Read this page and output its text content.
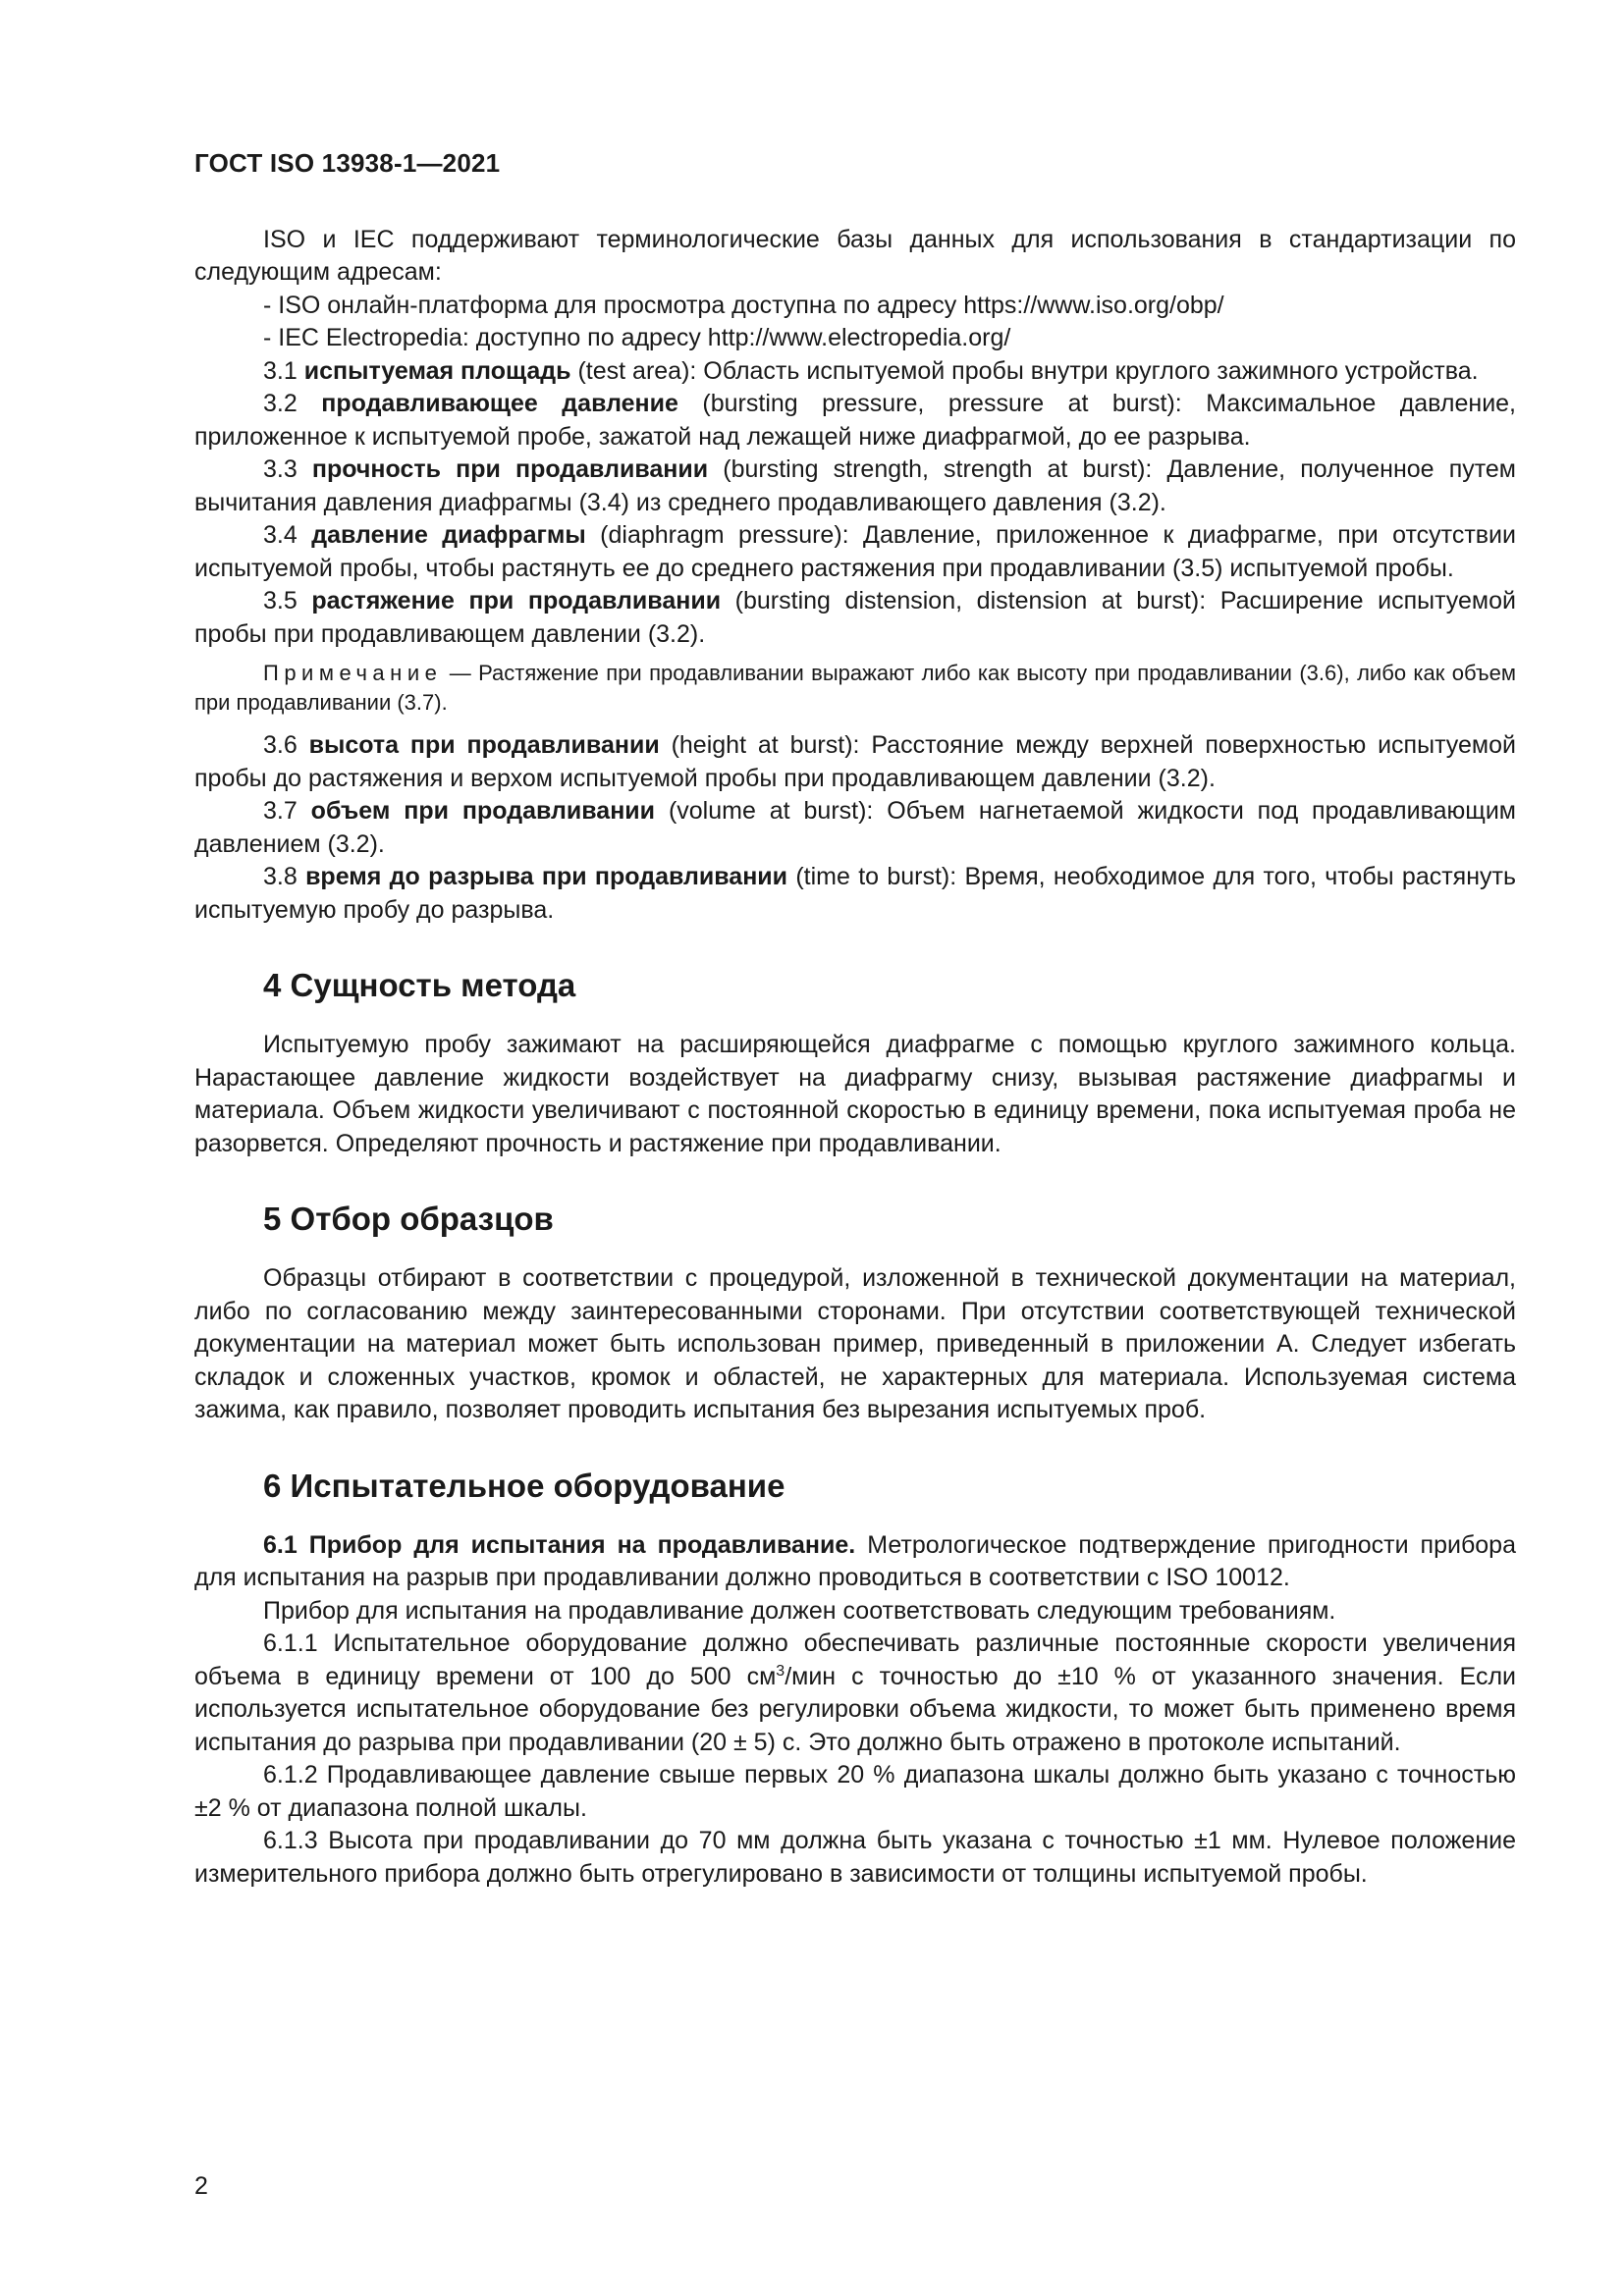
ГОСТ ISO 13938-1—2021

ISO и IEC поддерживают терминологические базы данных для использования в стандартизации по следующим адресам:

- ISO онлайн-платформа для просмотра доступна по адресу https://www.iso.org/obp/

- IEC Electropedia: доступно по адресу http://www.electropedia.org/

3.1 испытуемая площадь (test area): Область испытуемой пробы внутри круглого зажимного устройства.

3.2 продавливающее давление (bursting pressure, pressure at burst): Максимальное давление, приложенное к испытуемой пробе, зажатой над лежащей ниже диафрагмой, до ее разрыва.

3.3 прочность при продавливании (bursting strength, strength at burst): Давление, полученное путем вычитания давления диафрагмы (3.4) из среднего продавливающего давления (3.2).

3.4 давление диафрагмы (diaphragm pressure): Давление, приложенное к диафрагме, при отсутствии испытуемой пробы, чтобы растянуть ее до среднего растяжения при продавливании (3.5) испытуемой пробы.

3.5 растяжение при продавливании (bursting distension, distension at burst): Расширение испытуемой пробы при продавливающем давлении (3.2).

Примечание — Растяжение при продавливании выражают либо как высоту при продавливании (3.6), либо как объем при продавливании (3.7).

3.6 высота при продавливании (height at burst): Расстояние между верхней поверхностью испытуемой пробы до растяжения и верхом испытуемой пробы при продавливающем давлении (3.2).

3.7 объем при продавливании (volume at burst): Объем нагнетаемой жидкости под продавливающим давлением (3.2).

3.8 время до разрыва при продавливании (time to burst): Время, необходимое для того, чтобы растянуть испытуемую пробу до разрыва.

4 Сущность метода

Испытуемую пробу зажимают на расширяющейся диафрагме с помощью круглого зажимного кольца. Нарастающее давление жидкости воздействует на диафрагму снизу, вызывая растяжение диафрагмы и материала. Объем жидкости увеличивают с постоянной скоростью в единицу времени, пока испытуемая проба не разорвется. Определяют прочность и растяжение при продавливании.

5 Отбор образцов

Образцы отбирают в соответствии с процедурой, изложенной в технической документации на материал, либо по согласованию между заинтересованными сторонами. При отсутствии соответствующей технической документации на материал может быть использован пример, приведенный в приложении А. Следует избегать складок и сложенных участков, кромок и областей, не характерных для материала. Используемая система зажима, как правило, позволяет проводить испытания без вырезания испытуемых проб.

6 Испытательное оборудование

6.1 Прибор для испытания на продавливание. Метрологическое подтверждение пригодности прибора для испытания на разрыв при продавливании должно проводиться в соответствии с ISO 10012.

Прибор для испытания на продавливание должен соответствовать следующим требованиям.

6.1.1 Испытательное оборудование должно обеспечивать различные постоянные скорости увеличения объема в единицу времени от 100 до 500 $см^3$/мин с точностью до ±10 % от указанного значения. Если используется испытательное оборудование без регулировки объема жидкости, то может быть применено время испытания до разрыва при продавливании (20 ± 5) с. Это должно быть отражено в протоколе испытаний.

6.1.2 Продавливающее давление свыше первых 20 % диапазона шкалы должно быть указано с точностью ±2 % от диапазона полной шкалы.

6.1.3 Высота при продавливании до 70 мм должна быть указана с точностью ±1 мм. Нулевое положение измерительного прибора должно быть отрегулировано в зависимости от толщины испытуемой пробы.

2
